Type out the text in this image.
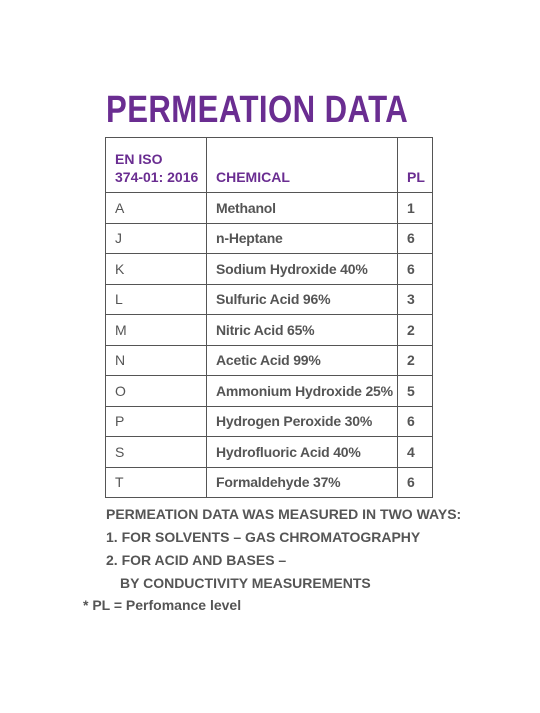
PERMEATION DATA
EN ISO
374-01: 2016	CHEMICAL	PL
A	Methanol	1
J	n-Heptane	6
K	Sodium Hydroxide 40%	6
L	Sulfuric Acid 96%	3
M	Nitric Acid 65%	2
N	Acetic Acid 99%	2
O	Ammonium Hydroxide 25%	5
P	Hydrogen Peroxide 30%	6
S	Hydrofluoric Acid 40%	4
T	Formaldehyde 37%	6
PERMEATION DATA WAS MEASURED IN TWO WAYS:
1. FOR SOLVENTS – GAS CHROMATOGRAPHY
2. FOR ACID AND BASES –
BY CONDUCTIVITY MEASUREMENTS

* PL = Perfomance level
